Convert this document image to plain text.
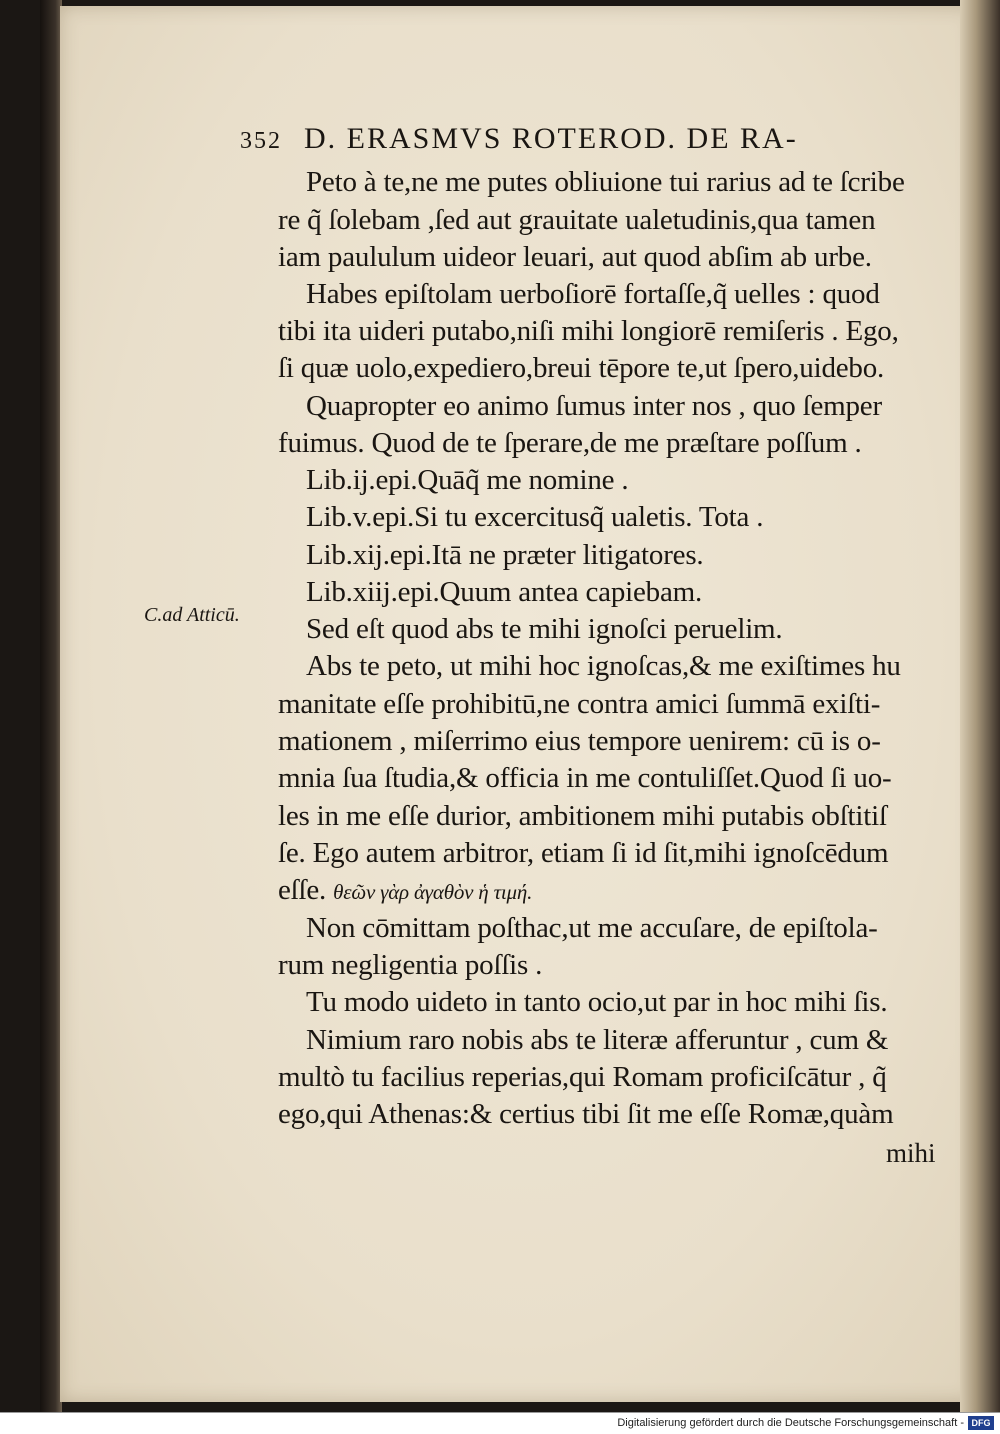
352 D. ERASMVS ROTEROD. DE RA-
C.ad Atticū.
Peto à te,ne me putes obliuione tui rarius ad te ſcribe
re q̃ ſolebam ,ſed aut grauitate ualetudinis,qua tamen
iam paululum uideor leuari, aut quod abſim ab urbe.
Habes epiſtolam uerboſiorē fortaſſe,q̃ uelles : quod
tibi ita uideri putabo,niſi mihi longiorē remiſeris . Ego,
ſi quæ uolo,expediero,breui tēpore te,ut ſpero,uidebo.
Quapropter eo animo ſumus inter nos , quo ſemper
fuimus. Quod de te ſperare,de me præſtare poſſum .
Lib.ij.epi.Quāq̃ me nomine .
Lib.v.epi.Si tu excercitusq̃ ualetis. Tota .
Lib.xij.epi.Itā ne præter litigatores.
Lib.xiij.epi.Quum antea capiebam.
Sed eſt quod abs te mihi ignoſci peruelim.
Abs te peto, ut mihi hoc ignoſcas,& me exiſtimes hu
manitate eſſe prohibitū,ne contra amici ſummā exiſti-
mationem , miſerrimo eius tempore uenirem: cū is o-
mnia ſua ſtudia,& officia in me contuliſſet.Quod ſi uo-
les in me eſſe durior, ambitionem mihi putabis obſtitiſ
ſe. Ego autem arbitror, etiam ſi id ſit,mihi ignoſcēdum
eſſe. θεῶν γὰρ ἀγαθὸν ἡ τιμή.
Non cōmittam poſthac,ut me accuſare, de epiſtola-
rum negligentia poſſis .
Tu modo uideto in tanto ocio,ut par in hoc mihi ſis.
Nimium raro nobis abs te literæ afferuntur , cum &
multò tu facilius reperias,qui Romam proficiſcātur , q̃
ego,qui Athenas:& certius tibi ſit me eſſe Romæ,quàm
mihi
Digitalisierung gefördert durch die Deutsche Forschungsgemeinschaft - DFG
